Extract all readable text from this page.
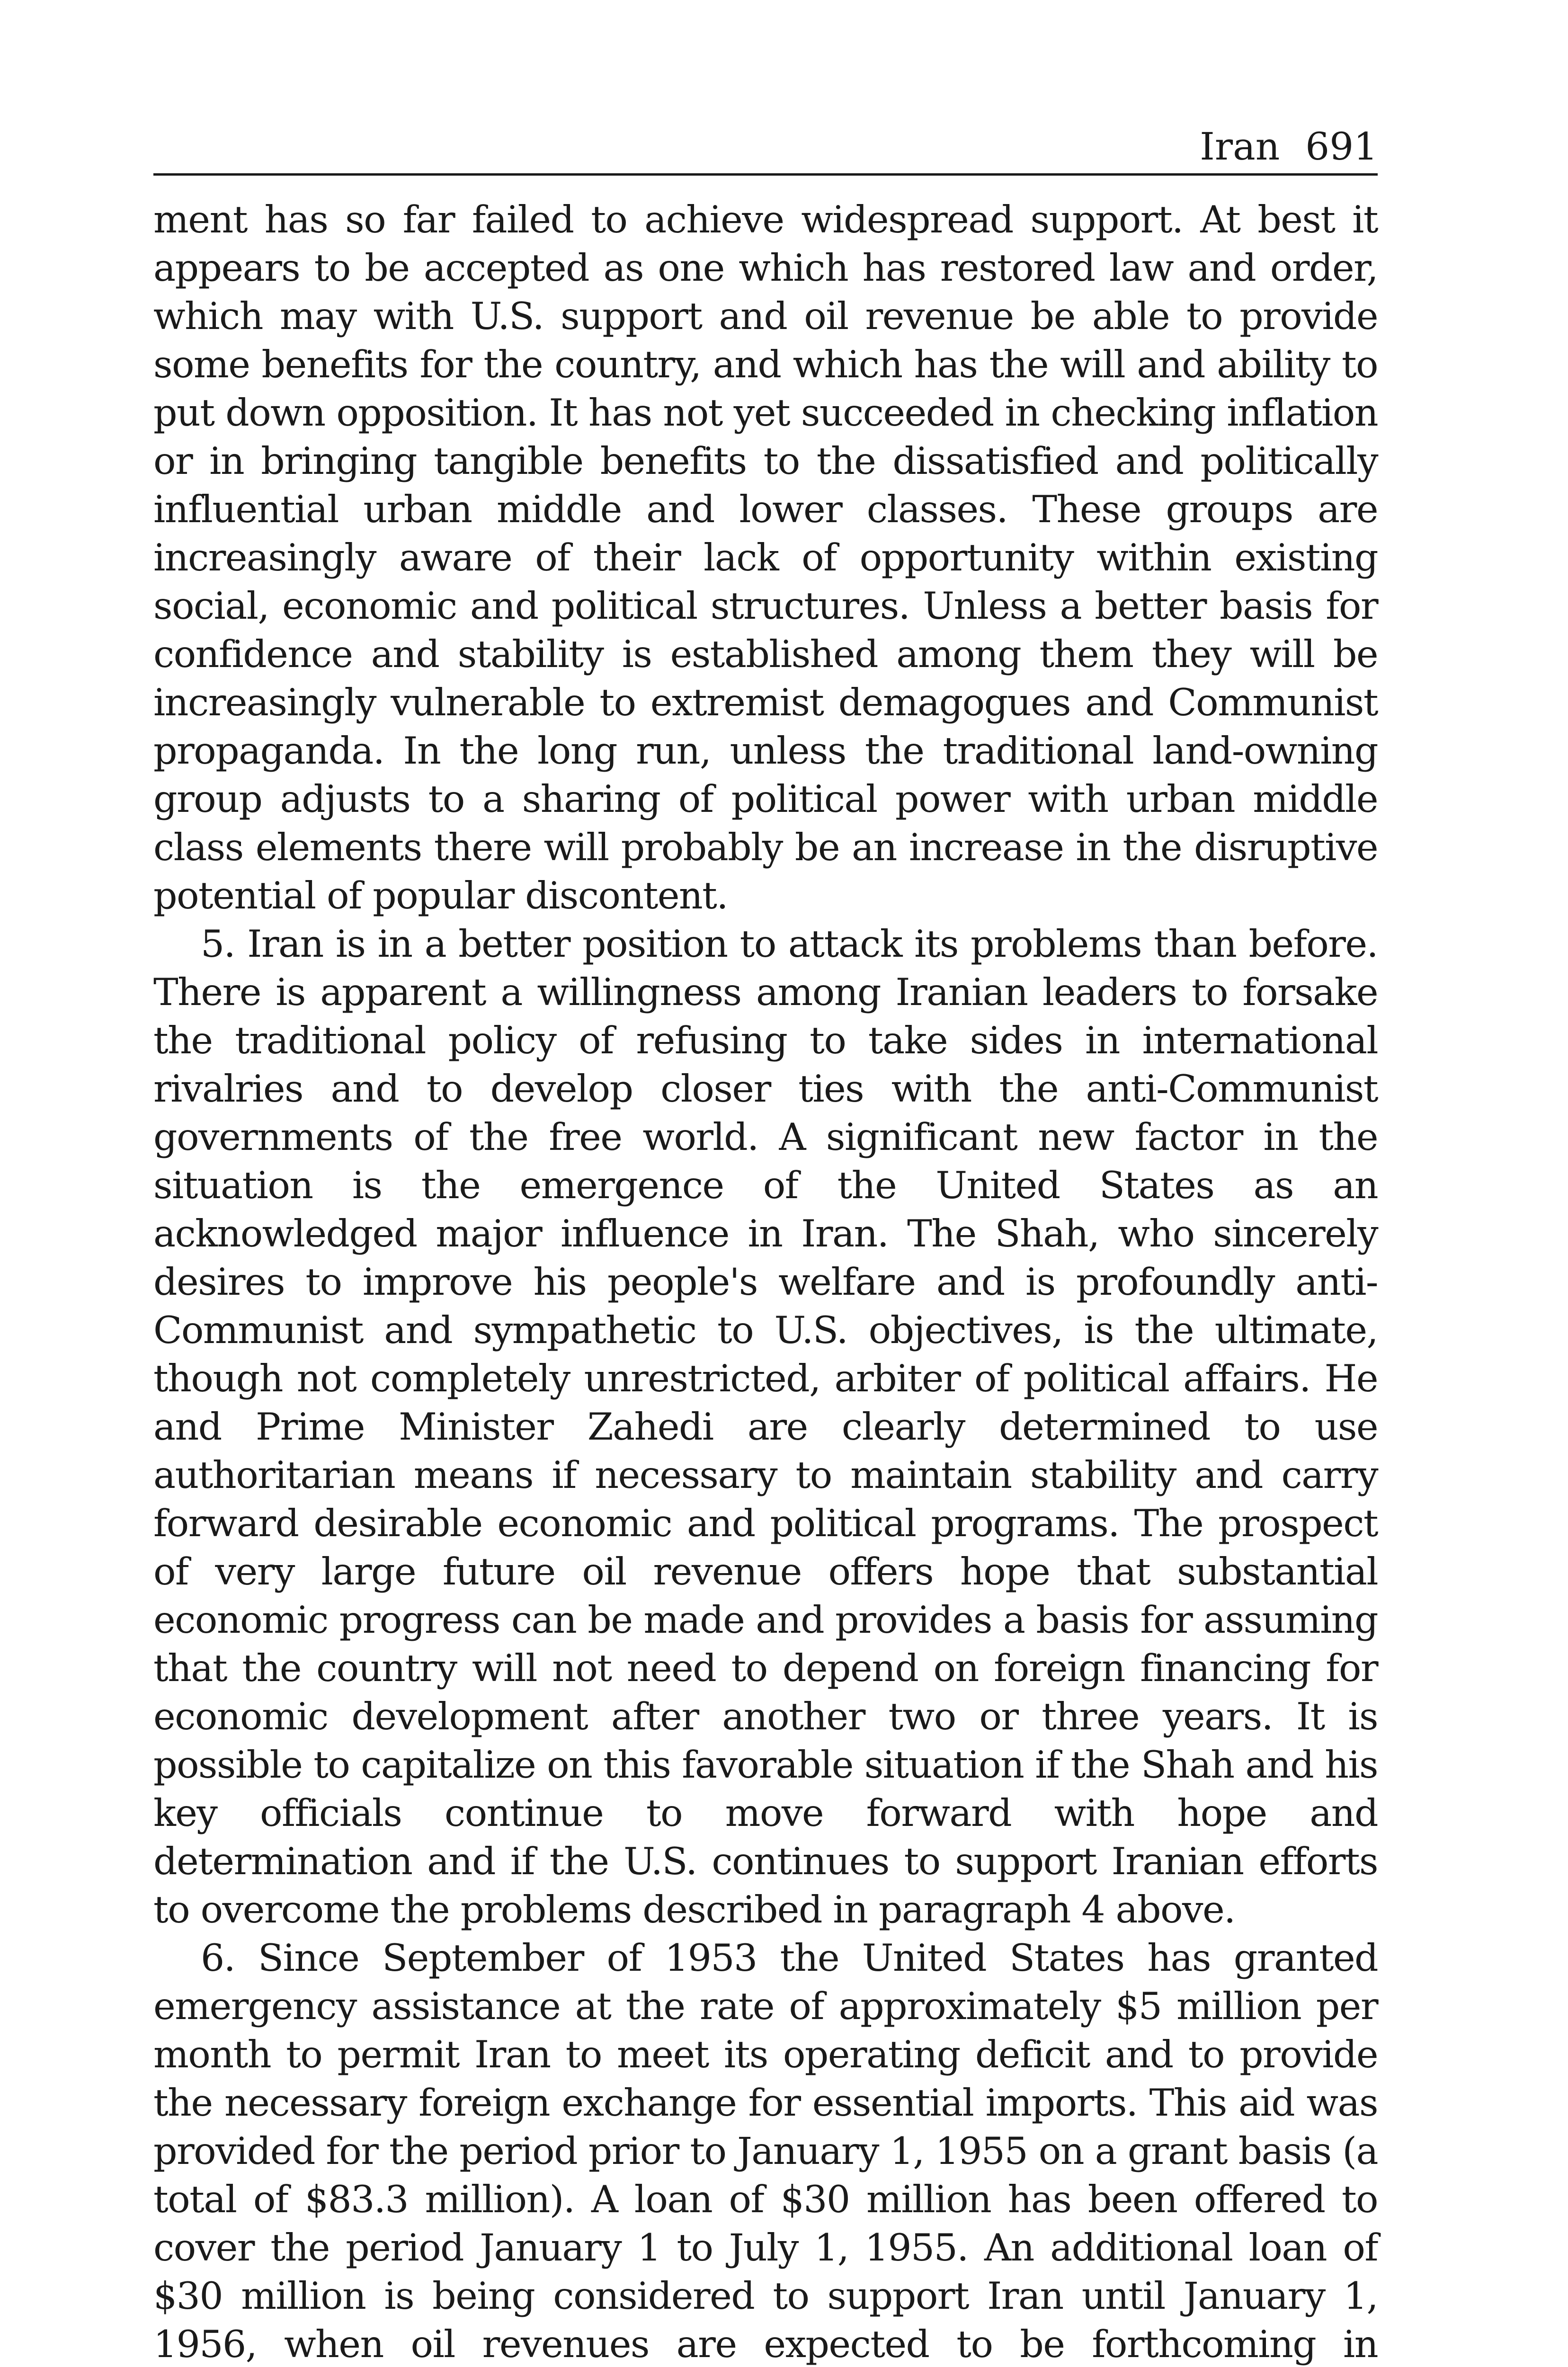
Iran 691

ment has so far failed to achieve widespread support. At best it appears to be accepted as one which has restored law and order, which may with U.S. support and oil revenue be able to provide some benefits for the country, and which has the will and ability to put down opposition. It has not yet succeeded in checking inflation or in bringing tangible benefits to the dissatisfied and politically influential urban middle and lower classes. These groups are increasingly aware of their lack of opportunity within existing social, economic and political structures. Unless a better basis for confidence and stability is established among them they will be increasingly vulnerable to extremist demagogues and Communist propaganda. In the long run, unless the traditional land-owning group adjusts to a sharing of political power with urban middle class elements there will probably be an increase in the disruptive potential of popular discontent.

5. Iran is in a better position to attack its problems than before. There is apparent a willingness among Iranian leaders to forsake the traditional policy of refusing to take sides in international rivalries and to develop closer ties with the anti-Communist governments of the free world. A significant new factor in the situation is the emergence of the United States as an acknowledged major influence in Iran. The Shah, who sincerely desires to improve his people's welfare and is profoundly anti-Communist and sympathetic to U.S. objectives, is the ultimate, though not completely unrestricted, arbiter of political affairs. He and Prime Minister Zahedi are clearly determined to use authoritarian means if necessary to maintain stability and carry forward desirable economic and political programs. The prospect of very large future oil revenue offers hope that substantial economic progress can be made and provides a basis for assuming that the country will not need to depend on foreign financing for economic development after another two or three years. It is possible to capitalize on this favorable situation if the Shah and his key officials continue to move forward with hope and determination and if the U.S. continues to support Iranian efforts to overcome the problems described in paragraph 4 above.

6. Since September of 1953 the United States has granted emergency assistance at the rate of approximately $5 million per month to permit Iran to meet its operating deficit and to provide the necessary foreign exchange for essential imports. This aid was provided for the period prior to January 1, 1955 on a grant basis (a total of $83.3 million). A loan of $30 million has been offered to cover the period January 1 to July 1, 1955. An additional loan of $30 million is being considered to support Iran until January 1, 1956, when oil revenues are expected to be forthcoming in
